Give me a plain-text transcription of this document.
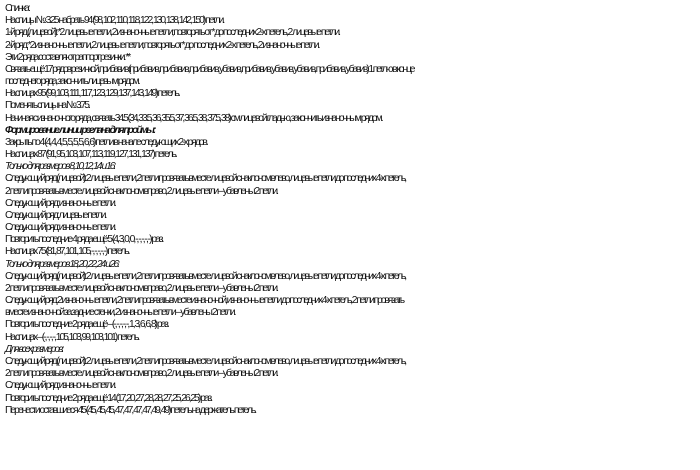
Спинка:
На спицы № 3.25 набрать 94 (98, 102, 110, 118, 122, 130, 138, 142, 150) петли.
1-й ряд (лицевой): *2 лицевые петли, 2 изнаночные петли; повторять от * до последних 2-х петель, 2 лицевые петли.
2-й ряд: *2 изнаночные петли, 2 лицевые петли; повторять от * до последних 2-х петель, 2 изнаночные петли.
Эти 2 ряда составляют раппорт резинки. **
Связать ещё 17 рядов резинкой, прибавив (прибавив, прибавив, прибавив, убавив, прибавив, убавив, убавив, прибавив, убавив) 1 петлю в конце
последнего ряда, закончить лицевым рядом.
На спицах 95 (99, 103, 111, 117, 123, 129, 137, 143, 149) петель.
Поменять спицы на № 3.75.
Начиная с изнаночного ряда, связать 34.5 (34, 33.5, 36, 35.5, 37, 36.5, 38, 37.5, 38) см лицевой гладью, закончить изнаночным рядом.
Формирование линии реглана для проймы:
Закрыть по 4 (4, 4, 4, 5, 5, 5, 5, 6, 6) петли в начале следующих 2-х рядов.
На спицах 87 (91, 95, 103, 107, 113, 119, 127, 131, 137) петель.
Только для размеров 8, 10, 12, 14 и 16:
Следующий ряд (лицевой): 2 лицевые петли, 2 петли провязать вместе лицевой с наклоном влево, лицевые петли до последних 4-х петель,
2 петли провязать вместе лицевой с наклоном вправо, 2 лицевые петли – убавлены 2 петли.
Следующий ряд: изнаночные петли.
Следующий ряд: лицевые петли.
Следующий ряд: изнаночные петли.
Повторить последние 4 ряда ещё 5 (4, 3, 0, 0, -, -, -, -, -) раз.
На спицах 75 (81, 87, 101, 105, -, -, -, -, -) петель.
Только для размеров 18, 20, 22, 24 и 26:
Следующий ряд (лицевой): 2 лицевые петли, 2 петли провязать вместе лицевой с наклоном влево, лицевые петли до последних 4-х петель,
2 петли провязать вместе лицевой с наклоном вправо, 2 лицевые петли – убавлены 2 петли.
Следующий ряд: 2 изнаночные петли, 2 петли провязать вместе изнаночной, изнаночные петли до последних 4-х петель, 2 петли провязать
вместе изнаночной за задние стенки, 2 изнаночные петли – убавлены 2 петли.
Повторить последние 2 ряда ещё – (-, -, -, -, -, 1, 3, 6, 6, 8) раз.
На спицах – (-, -, -, -, 105, 103, 99, 103, 101) петель.
Для всех размеров:
Следующий ряд (лицевой): 2 лицевые петли, 2 петли провязать вместе лицевой с наклоном влево, лицевые петли до последних 4-х петель,
2 петли провязать вместе лицевой с наклоном вправо, 2 лицевые петли – убавлены 2 петли.
Следующий ряд: изнаночные петли.
Повторить последние 2 ряда ещё 14 (17, 20, 27, 28, 28, 27, 25, 26, 25) раз.
Перенести оставшиеся 45 (45, 45, 45, 47, 47, 47, 47, 49, 49) петель на держатель петель.
